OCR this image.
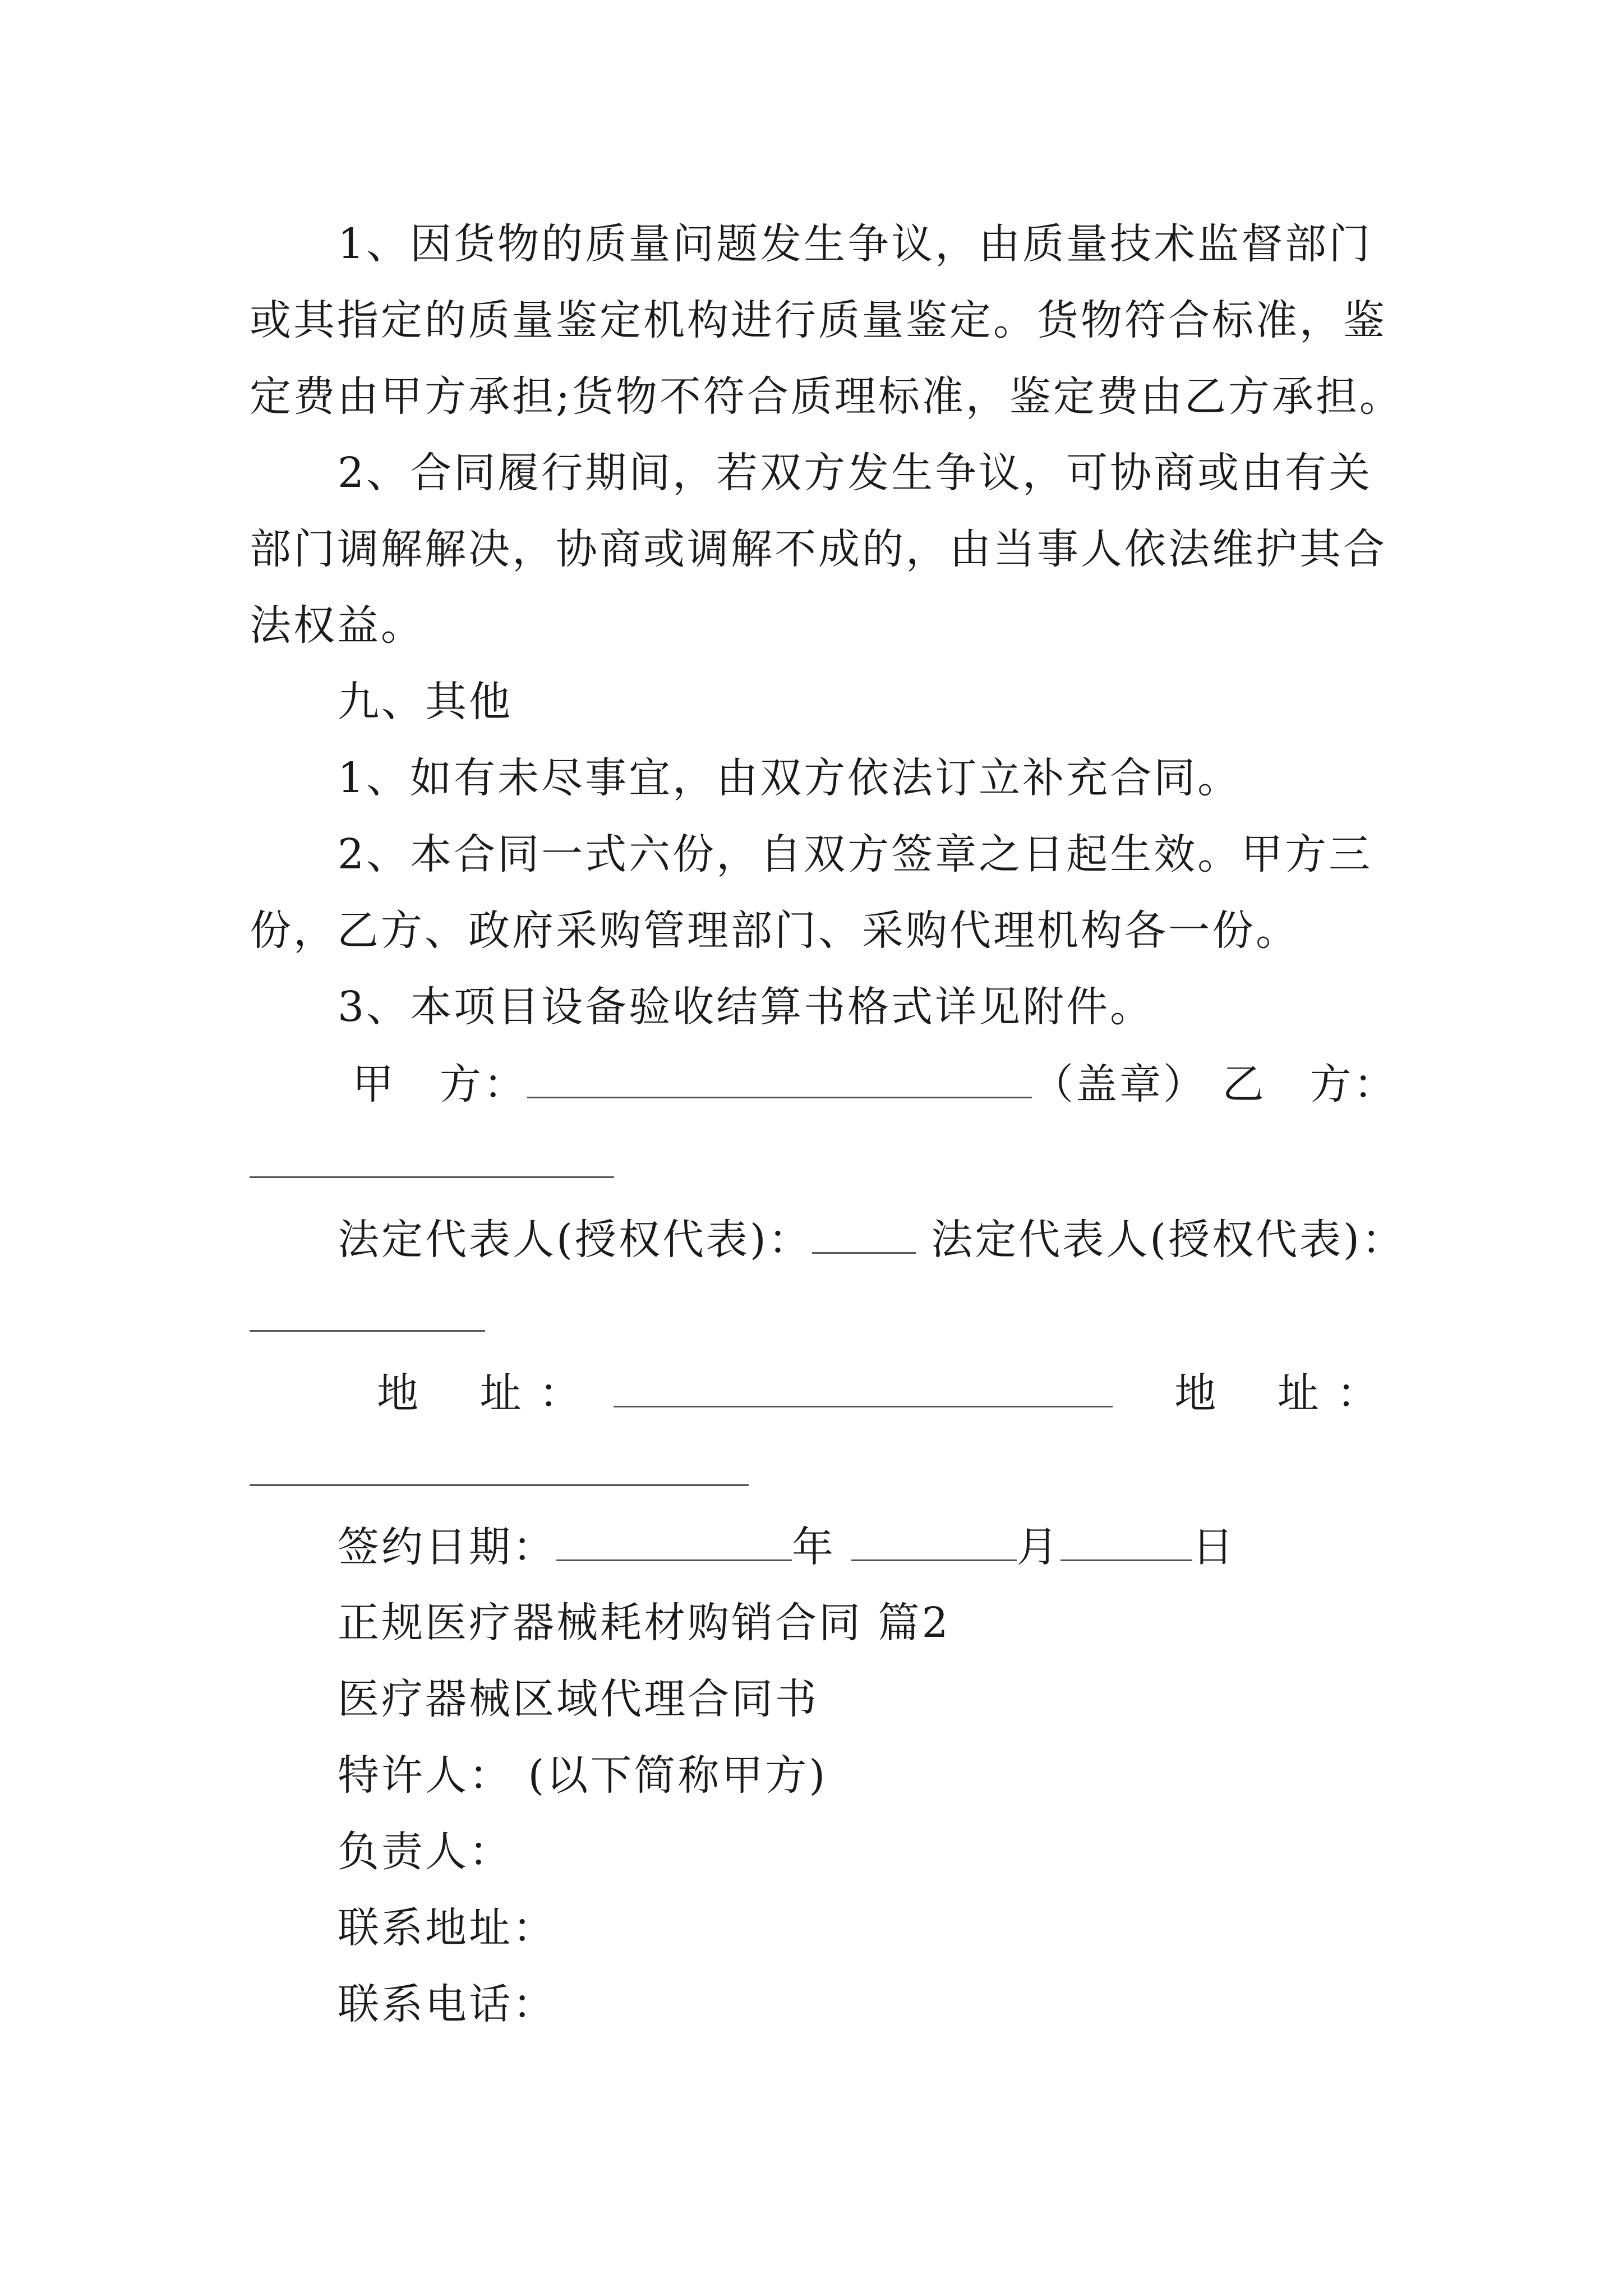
1、因货物的质量问题发生争议，由质量技术监督部门
或其指定的质量鉴定机构进行质量鉴定。货物符合标准，鉴
定费由甲方承担;货物不符合质理标准，鉴定费由乙方承担。
2、合同履行期间，若双方发生争议，可协商或由有关
部门调解解决，协商或调解不成的，由当事人依法维护其合
法权益。
九、其他
1、如有未尽事宜，由双方依法订立补充合同。
2、本合同一式六份，自双方签章之日起生效。甲方三
份，乙方、政府采购管理部门、采购代理机构各一份。
3、本项目设备验收结算书格式详见附件。
甲　方：	（盖章） 乙　方：
法定代表人(授权代表)：	法定代表人(授权代表)：
地　 址 ：	地　 址 ：
签约日期：	年	月	日
正规医疗器械耗材购销合同 篇2
医疗器械区域代理合同书
特许人： (以下简称甲方)
负责人：
联系地址：
联系电话：
